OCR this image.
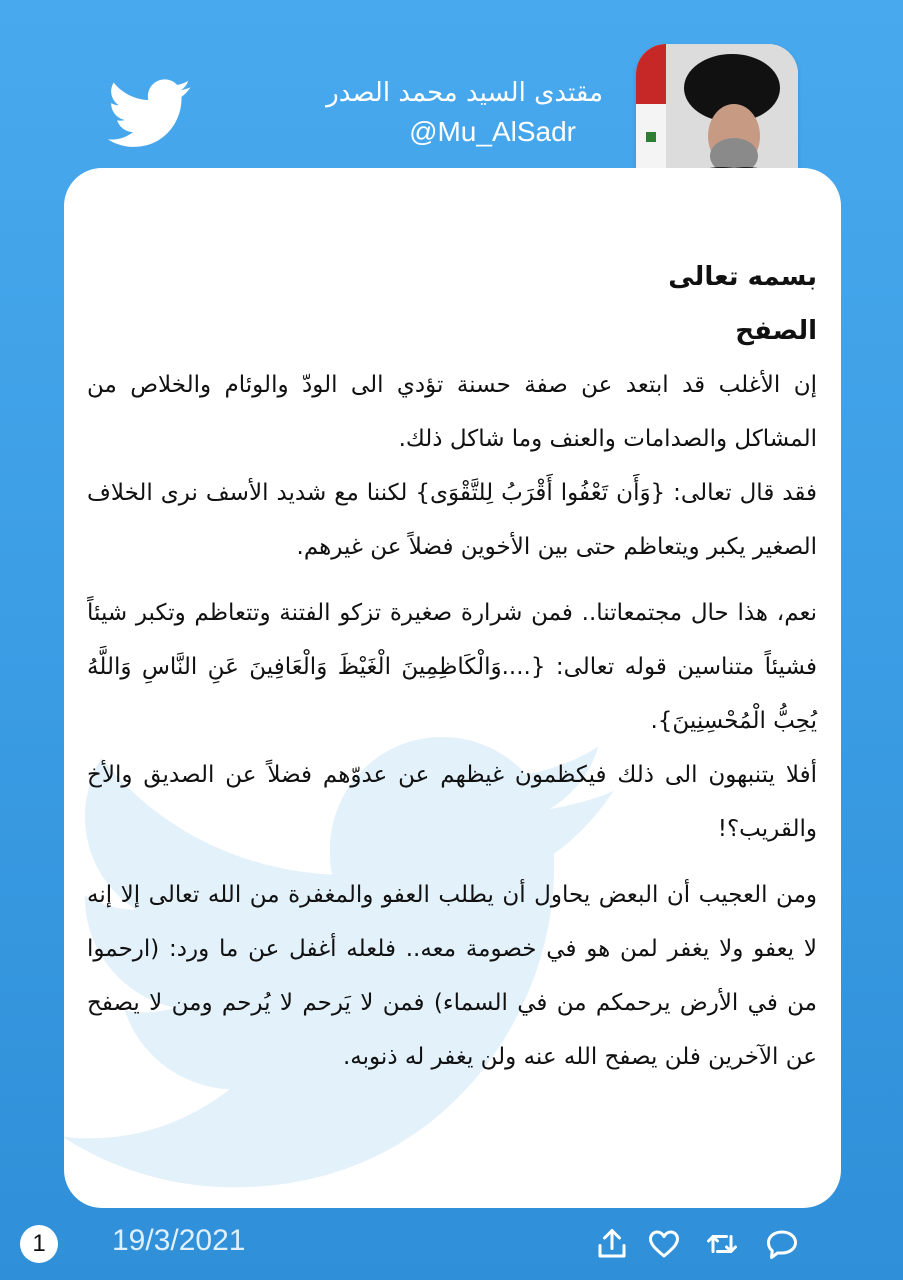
مقتدى السيد محمد الصدر
@Mu_AlSadr
بسمه تعالى
الصفح

إن الأغلب قد ابتعد عن صفة حسنة تؤدي الى الودّ والوئام والخلاص من المشاكل والصدامات والعنف وما شاكل ذلك.

فقد قال تعالى: {وَأَن تَعْفُوا أَقْرَبُ لِلتَّقْوَى} لكننا مع شديد الأسف نرى الخلاف الصغير يكبر ويتعاظم حتى بين الأخوين فضلاً عن غيرهم.

نعم، هذا حال مجتمعاتنا.. فمن شرارة صغيرة تزكو الفتنة وتتعاظم وتكبر شيئاً فشيئاً متناسين قوله تعالى: {....وَالْكَاظِمِينَ الْغَيْظَ وَالْعَافِينَ عَنِ النَّاسِ وَاللَّهُ يُحِبُّ الْمُحْسِنِينَ}.

أفلا يتنبهون الى ذلك فيكظمون غيظهم عن عدوّهم فضلاً عن الصديق والأخ والقريب؟!

ومن العجيب أن البعض يحاول أن يطلب العفو والمغفرة من الله تعالى إلا إنه لا يعفو ولا يغفر لمن هو في خصومة معه.. فلعله أغفل عن ما ورد: (ارحموا من في الأرض يرحمكم من في السماء) فمن لا يَرحم لا يُرحم ومن لا يصفح عن الآخرين فلن يصفح الله عنه ولن يغفر له ذنوبه.

1	19/3/2021
